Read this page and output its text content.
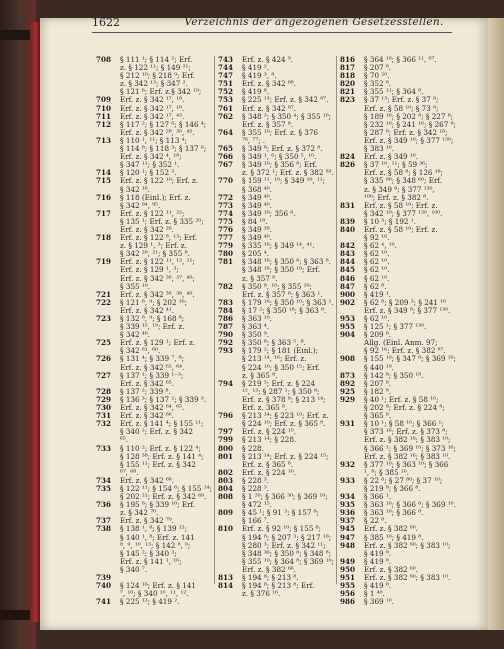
1622	Verzeichnis der angezogenen Gesetzesstellen.
708	§ 111 ¹; § 114 ²; Erf.
z. § 122 ¹¹; § 149 ²¹;
§ 212 ¹⁰; § 218 ⁹; Erf.
z. § 342 ¹³; § 347 ².
§ 121 ⁶; Erf. z.§ 342 ¹⁹;
709	Erf. z. § 342 ¹⁷, ¹⁸.
710	Erf. z. § 342 ¹⁷, ¹⁸.
711	Erf. z. § 342 ¹⁷, ⁴³.
712	§ 117 ²; § 127 ⁶; § 146 ⁴;
Erf. z. § 342 ²⁸, ³⁰, ⁴⁵.
713	§ 110 ¹, ¹¹; § 113 ⁴;
§ 114 ⁸; § 118 ³; § 137 ⁶;
Erf. z. § 342 ⁴, ¹⁸;
§ 347 ¹¹; § 352 ¹.
714	§ 120 ¹; § 152 ³.
715	Erf. z. § 122 ¹⁰; Erf. z.
§ 342 ¹⁶.
716	§ 118 (Einl.); Erf. z.
§ 342 ⁹⁴, ⁹⁵.
717	Erf. z. § 122 ¹¹, ²²;
§ 135 ¹; Erf. z. § 335 ²⁰;
Erf. z. § 342 ²⁶.
718	Erf. z. § 122 ⁸, ¹³; Erf.
z. § 129 ¹, ³; Erf. z.
§ 342 ²⁰, ²¹; § 355 ⁸.
719	Erf. z. § 122 ¹¹, ¹³, ²¹;
Erf. z. § 129 ¹, ³;
Erf. z. § 342 ²⁶, ³⁷, ⁴⁰;
§ 355 ¹⁰.
721	Erf. z. § 342 ³⁶, ³⁸, ⁴⁰.
722	§ 121 ⁸, ⁹; § 202 ¹⁰;
Erf. z. § 342 ⁴¹.
723	§ 132 ⁸, ⁹; § 168 ⁸;
§ 339 ¹⁵, ¹⁹; Erf. z.
§ 342 ⁴⁰.
725	Erf. z. § 129 ¹; Erf. z.
§ 342 ⁶¹, ⁶⁰.
726	§ 131 ⁴; § 339 ⁷, ⁸;
Erf. z. § 342 ⁶², ⁶⁴.
727	§ 137 ¹; § 339 ¹⁻³;
Erf. z. § 342 ⁶⁵.
728	§ 137 ²; 339 ⁸.
729	§ 136 ³; § 137 ²; § 339 ⁹.
730	Erf. z. § 342 ⁶⁴, ⁶⁵.
731	Erf. z. § 342 ⁶⁶.
732	Erf. z. § 141 ⁴; § 155 ¹¹;
§ 340 ²; Erf. z. § 342
⁶⁵.
733	§ 110 ²; Erf. z. § 122 ⁴;
§ 128 ³⁸; Erf. z. § 141 ⁴;
§ 155 ¹¹; Erf. z. § 342
⁶⁷, ⁶⁸.
734	Erf. z. § 342 ⁶⁸.
735	§ 122 ¹¹; § 154 ⁶; § 155 ¹⁴;
§ 202 ²¹; Erf. z. § 342 ⁶⁹.
736	§ 195 ⁸; § 339 ¹⁰; Erf.
z. § 342 ⁷⁰.
737	Erf. z. § 342 ⁷⁰.
738	§ 138 ¹, ⁸; § 139 ¹²;
§ 140 ¹, ⁸; Erf. z. 141
⁸, ⁹, ¹⁰, ¹³; § 142 ⁸, ⁹;
§ 145 ²; § 340 ³;
Erf. z. § 141 ¹, ¹⁶;
§ 340 ⁷.
739
740	§ 124 ¹⁶; Erf. z. § 141
⁷, ¹⁰; § 340 ¹⁰, ¹¹, ¹².
741	§ 225 ¹³; § 419 ².
743	Erf. z. § 424 ⁹.
744	§ 419 ².
747	§ 419 ³, ⁸.
751	Erf. z. § 342 ⁸⁸.
752	§ 419 ⁸.
753	§ 225 ¹³; Erf. z. § 342 ⁸⁷.
761	Erf. z. § 342 ⁸⁷.
762	§ 348 ³; § 350 ⁴; § 355 ¹⁰;
Erf. z. § 357 ⁸.
764	§ 355 ¹⁰; Erf. z. § 376
⁷⁶, ⁷⁷; .
765	§ 349 ⁸; Erf. z. § 372 ⁸.
766	§ 349 ¹, ⁶; § 350 ⁵, ¹⁰.
767	§ 349 ¹⁰; § 356 ⁸; Erf.
z. § 372 ¹; Erf. z. § 382 ⁸³.
770	§ 159 ¹¹, ¹⁰; § 349 ¹⁰, ¹¹;
§ 368 ⁴⁰.
772	§ 349 ⁴⁰.
773	§ 349 ⁴⁰.
774	§ 349 ¹⁰; 356 ⁶.
775	§ 84 ¹⁸.
776	§ 349 ³⁹.
777	§ 349 ⁴⁰.
779	§ 335 ¹⁶; § 349 ¹⁴, ⁴¹.
780	§ 205 ⁴.
781	§ 348 ¹⁶; § 350 ⁸; § 363 ⁸.
§ 348 ¹⁶; § 350 ¹⁰; Erf.
z. § 357 ⁸.
782	§ 350 ⁸, ¹⁰; § 355 ²⁰;
Erf. z. § 357 ⁸; § 363 ¹.
783	§ 179 ¹⁶; § 350 ¹⁰; § 363 ¹.
784	§ 17 ²; § 350 ¹⁸; § 363 ⁸.
786	§ 363 ¹⁰.
787	§ 363 ⁴.
790	§ 350 ⁹.
792	§ 350 ⁸; § 363 ⁵, ⁸.
793	§ 179 ²; § 181 (Einl.);
§ 213 ¹⁴, ¹⁶; Erf. z.
§ 224 ¹⁰; § 350 ¹⁵; Erf.
z. § 365 ⁸.
794	§ 219 ³; Erf. z. § 224
¹², ¹³; § 287 ¹; § 350 ⁸;
Erf. z. § 378 ⁸; § 213 ¹⁴;
Erf. z. 365 ⁸.
796	§ 213 ¹⁴; § 223 ¹⁰; Erf. z.
§ 224 ¹⁰; Erf. z. § 365 ⁸.
797	Erf. z. § 224 ¹⁰.
799	§ 213 ¹⁴; § 228.
800	§ 228.
801	§ 213 ¹⁴; Erf. z. § 224 ¹⁵;
Erf. z. § 365 ⁸.
802	Erf. z. § 224 ¹⁰.
803	§ 228 ³.
804	§ 228 ³.
808	§ 1 ²⁰; § 366 ³⁰; § 369 ¹⁰;
§ 472 ¹⁵.
809	§ 45 ¹; § 91 ³; § 157 ⁸;
§ 166 ⁷.
810	Erf. z. § 92 ¹⁰; § 155 ⁸;
§ 194 ⁸; § 207 ³; § 217 ¹⁰;
§ 280 ³; Erf. z. § 342 ¹¹;
§ 348 ³⁶; § 350 ⁸; § 348 ⁸;
§ 355 ¹⁰; § 364 ⁸; § 369 ¹⁰;
Erf. z. § 382 ⁶⁶.
813	§ 194 ⁸; § 213 ⁸.
814	§ 194 ⁸; § 213 ⁸; Erf.
z. § 376 ¹⁶.
816	§ 364 ¹⁰; § 366 ¹¹, ⁶⁷.
817	§ 207 ⁸.
818	§ 70 ²⁰.
820	§ 352 ⁸.
821	§ 355 ¹¹; § 364 ⁸.
823	§ 37 ¹³; Erf. z. § 37 ⁸;
Erf. z. § 58 ¹⁰; § 73 ⁸;
§ 189 ¹⁶; § 202 ⁸; § 227 ⁸;
§ 232 ¹⁰; § 241 ¹⁶; § 267 ⁸;
§ 287 ⁸; Erf. z. § 342 ¹⁸;
Erf. z. § 349 ¹⁰; § 377 ¹³⁰;
§ 383 ¹⁰.
824	Erf. z. § 349 ¹⁰.
826	§ 37 ¹⁰, ¹¹; § 59 ³⁶;
Erf. z. § 58 ⁸; § 126 ¹⁸;
§ 335 ⁸⁰; § 348 ⁶⁰; Erf.
z. § 349 ⁸; § 377 ¹³⁰,
¹⁰⁰; Erf. z. § 382 ⁸.
831	Erf. z. § 58 ¹⁰; Erf. z.
§ 342 ¹⁰; § 377 ¹³⁰, ¹⁰⁰.
839	§ 10 ³; § 192 ¹.
840	Erf. z. § 58 ¹⁰; Erf. z.
§ 92 ¹⁶.
842	§ 62 ⁴, ¹⁰.
843	§ 62 ¹⁰.
844	§ 62 ¹⁰.
845	§ 62 ¹⁰.
846	§ 62 ¹⁰.
847	§ 62 ⁸.
900	§ 419 ¹.
902	§ 62 ⁸; § 209 ³; § 241 ¹⁶
Erf. z. § 349 ⁸; § 377 ¹³⁰.
953	§ 62 ¹⁰.
955	§ 125 ¹; § 377 ¹³⁰.
904	§ 209 ⁸.
Allg. (Einl. Anm. 97;
§ 92 ¹⁶; Erf. z. § 382 ⁸⁷.
908	§ 155 ¹⁰; § 347 ⁸; § 369 ¹⁰;
§ 440 ¹⁰.
873	§ 142 ⁸; § 350 ¹⁸.
892	§ 207 ⁸.
925	§ 182 ⁸.
929	§ 40 ¹; Erf. z. § 58 ¹⁰;
§ 202 ⁸; Erf. z. § 224 ⁸;
§ 365 ⁸.
931	§ 10 ¹; § 58 ¹⁰; § 366 ¹;
§ 373 ¹⁶; Erf. z. § 373 ⁸;
Erf. z. § 382 ¹⁶; § 383 ¹⁰;
§ 366 ¹; § 369 ¹⁰; § 373 ¹⁶;
Erf. z. § 382 ¹⁶; § 383 ¹⁰.
932	§ 377 ¹⁰; § 363 ¹⁰; § 366
¹, ⁸; § 385 ¹⁰.
933	§ 22 ⁸; § 27 ⁸⁰; § 37 ¹⁰;
§ 219 ⁸; § 366 ⁸.
934	§ 366 ¹.
935	§ 363 ¹⁰; § 366 ⁸; § 369 ¹⁰.
936	§ 363 ¹⁰; § 366 ⁸.
937	§ 22 ⁸.
945	Erf. z. § 382 ⁶⁰.
947	§ 385 ¹⁰; § 419 ⁸.
948	Erf. z. § 382 ⁶⁰; § 383 ¹⁰;
§ 419 ⁸.
949	§ 419 ⁸.
950	Erf. z. § 382 ⁶⁰.
951	Erf. z. § 382 ⁶⁰; § 383 ¹⁰.
955	§ 419 ⁸.
956	§ 1 ⁴⁰.
986	§ 369 ¹⁰.
